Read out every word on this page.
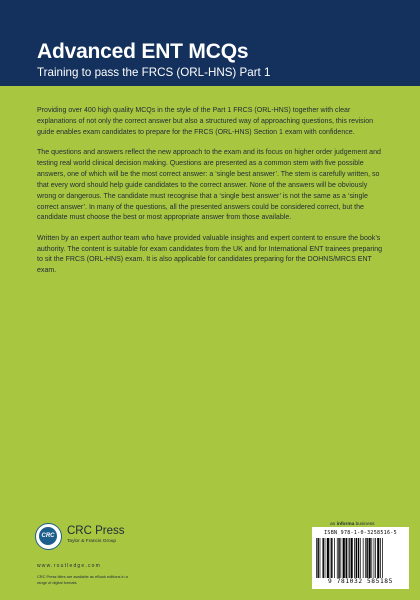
Advanced ENT MCQs
Training to pass the FRCS (ORL-HNS) Part 1

Providing over 400 high quality MCQs in the style of the Part 1 FRCS (ORL-HNS) together with clear explanations of not only the correct answer but also a structured way of approaching questions, this revision guide enables exam candidates to prepare for the FRCS (ORL-HNS) Section 1 exam with confidence.

The questions and answers reflect the new approach to the exam and its focus on higher order judgement and testing real world clinical decision making. Questions are presented as a common stem with five possible answers, one of which will be the most correct answer: a ‘single best answer’. The stem is carefully written, so that every word should help guide candidates to the correct answer. None of the answers will be obviously wrong or dangerous. The candidate must recognise that a ‘single best answer’ is not the same as a ‘single correct answer’. In many of the questions, all the presented answers could be considered correct, but the candidate must choose the best or most appropriate answer from those available.

Written by an expert author team who have provided valuable insights and expert content to ensure the book’s authority. The content is suitable for exam candidates from the UK and for International ENT trainees preparing to sit the FRCS (ORL-HNS) exam. It is also applicable for candidates preparing for the DOHNS/MRCS ENT exam.

CRC CRC Press
Taylor & Francis Group
www.routledge.com
CRC Press titles are available as eBook editions in a range of digital formats
an informa business
ISBN 978-1-0-3258516-5
9 781032 585185
